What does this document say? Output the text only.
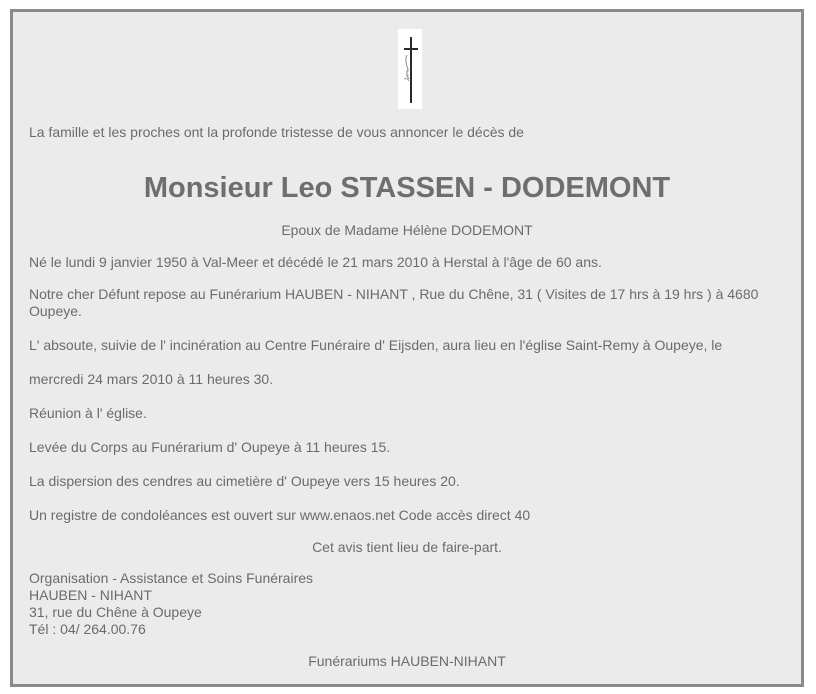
La famille et les proches ont la profonde tristesse de vous annoncer le décès de

Monsieur Leo STASSEN - DODEMONT

Epoux de Madame Hélène DODEMONT

Né le lundi 9 janvier 1950 à Val-Meer et décédé le 21 mars 2010 à Herstal à l'âge de 60 ans.

Notre cher Défunt repose au Funérarium HAUBEN - NIHANT , Rue du Chêne, 31 ( Visites de 17 hrs à 19 hrs ) à 4680 Oupeye.

L' absoute, suivie de l' incinération au Centre Funéraire d' Eijsden, aura lieu en l'église Saint-Remy à Oupeye, le

mercredi 24 mars 2010 à 11 heures 30.

Réunion à l' église.

Levée du Corps au Funérarium d' Oupeye à 11 heures 15.

La dispersion des cendres au cimetière d' Oupeye vers 15 heures 20.

Un registre de condoléances est ouvert sur www.enaos.net Code accès direct 40

Cet avis tient lieu de faire-part.

Organisation - Assistance et Soins Funéraires
HAUBEN - NIHANT
31, rue du Chêne à Oupeye
Tél : 04/ 264.00.76

Funérariums HAUBEN-NIHANT
